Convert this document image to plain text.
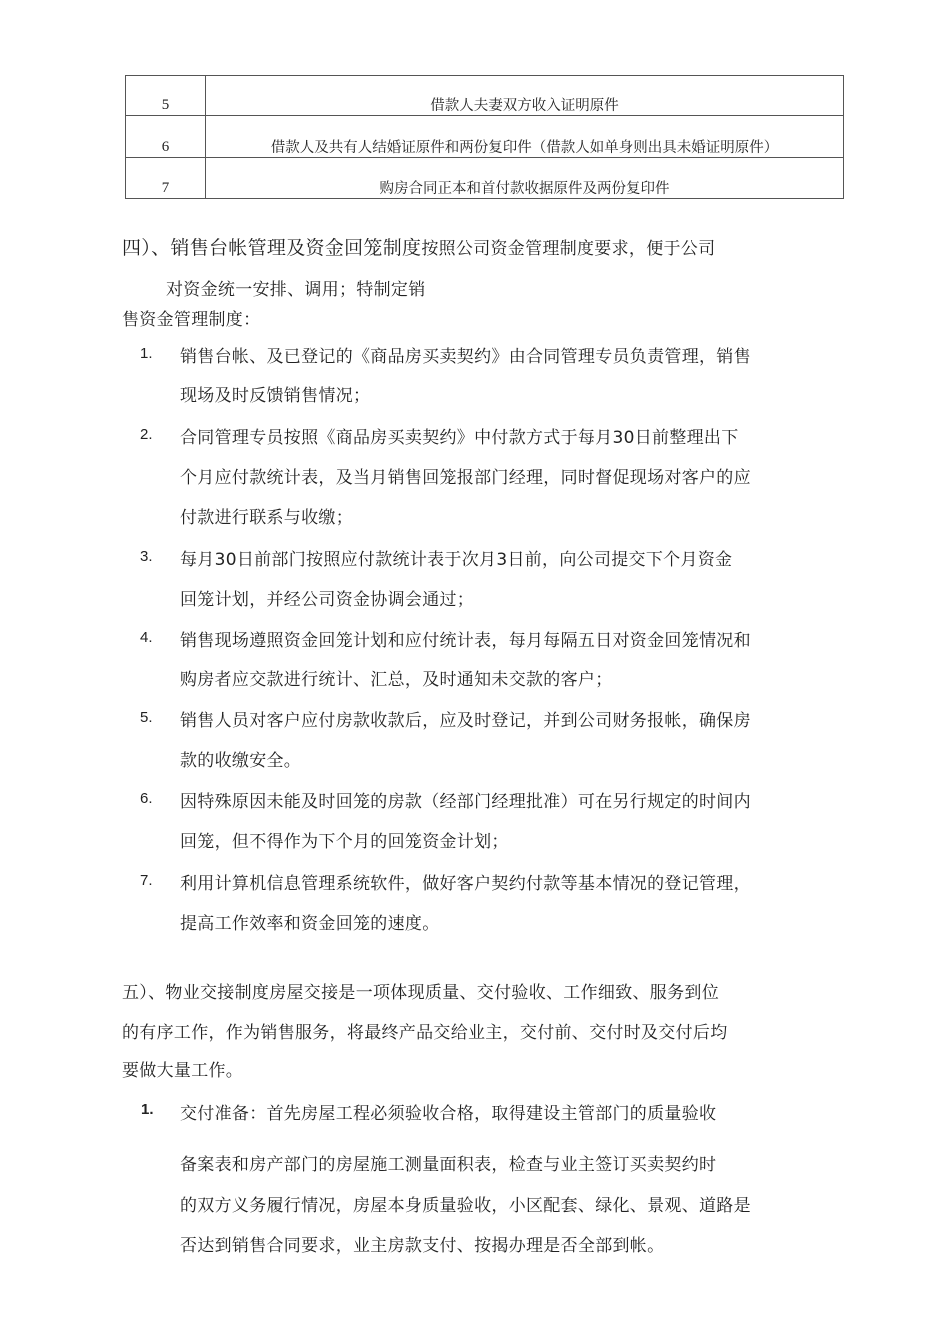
5	借款人夫妻双方收入证明原件
6	借款人及共有人结婚证原件和两份复印件（借款人如单身则出具未婚证明原件）
7	购房合同正本和首付款收据原件及两份复印件
四）、销售台帐管理及资金回笼制度按照公司资金管理制度要求，便于公司
对资金统一安排、调用；特制定销
售资金管理制度：
1. 销售台帐、及已登记的《商品房买卖契约》由合同管理专员负责管理，销售
现场及时反馈销售情况；
2. 合同管理专员按照《商品房买卖契约》中付款方式于每月30日前整理出下
个月应付款统计表，及当月销售回笼报部门经理，同时督促现场对客户的应
付款进行联系与收缴；
3. 每月30日前部门按照应付款统计表于次月3日前，向公司提交下个月资金
回笼计划，并经公司资金协调会通过；
4. 销售现场遵照资金回笼计划和应付统计表，每月每隔五日对资金回笼情况和
购房者应交款进行统计、汇总，及时通知未交款的客户；
5. 销售人员对客户应付房款收款后，应及时登记，并到公司财务报帐，确保房
款的收缴安全。
6. 因特殊原因未能及时回笼的房款（经部门经理批准）可在另行规定的时间内
回笼，但不得作为下个月的回笼资金计划；
7. 利用计算机信息管理系统软件，做好客户契约付款等基本情况的登记管理，
提高工作效率和资金回笼的速度。
五）、物业交接制度房屋交接是一项体现质量、交付验收、工作细致、服务到位
的有序工作，作为销售服务，将最终产品交给业主，交付前、交付时及交付后均
要做大量工作。
1. 交付准备：首先房屋工程必须验收合格，取得建设主管部门的质量验收
备案表和房产部门的房屋施工测量面积表，检查与业主签订买卖契约时
的双方义务履行情况，房屋本身质量验收，小区配套、绿化、景观、道路是
否达到销售合同要求，业主房款支付、按揭办理是否全部到帐。
